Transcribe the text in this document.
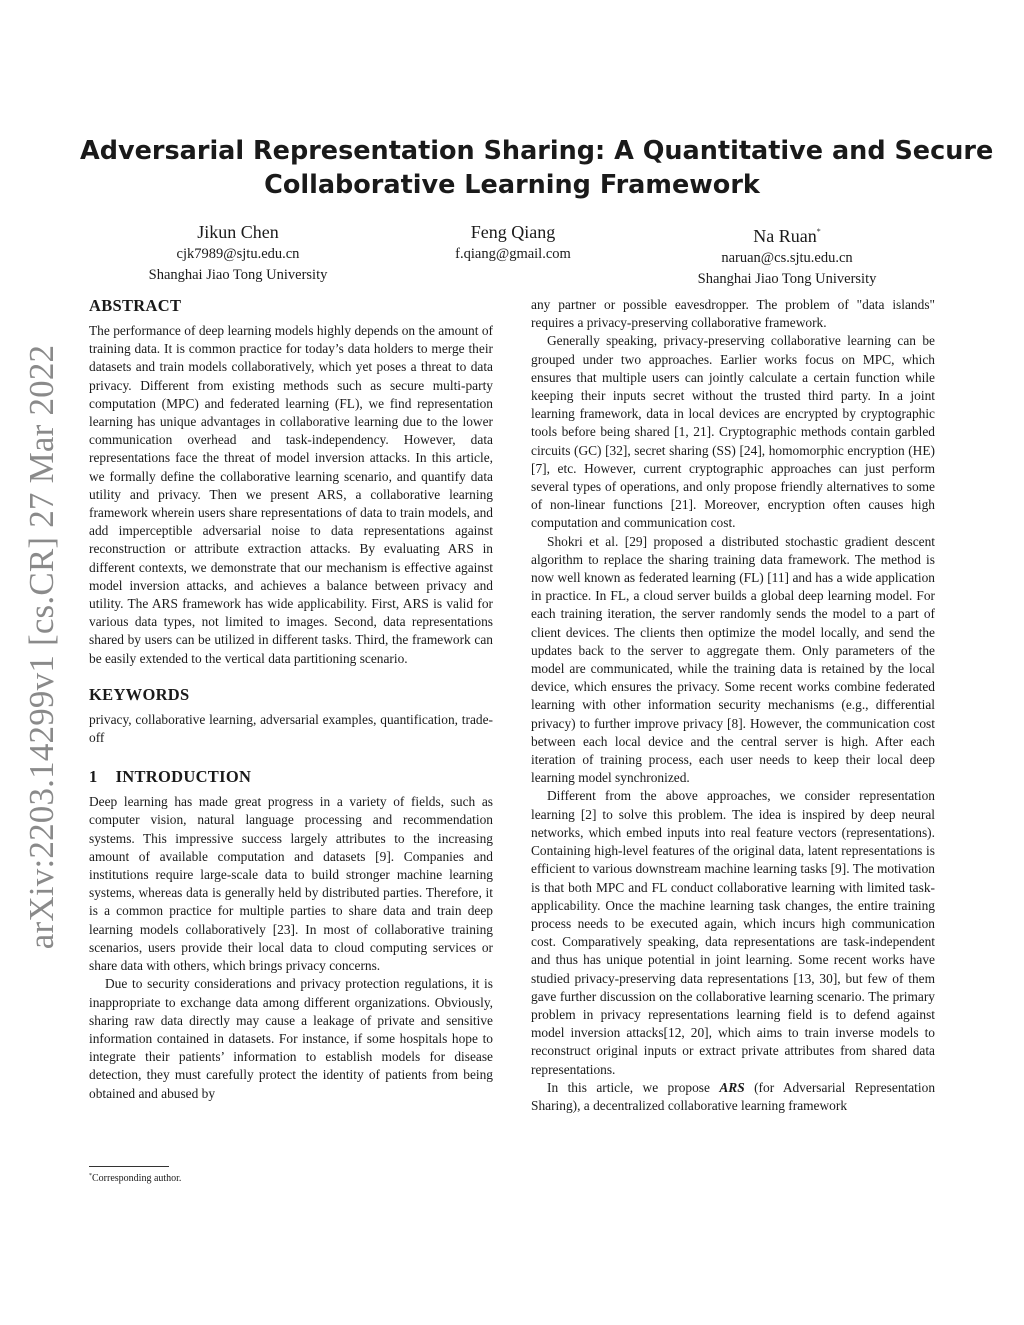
arXiv:2203.14299v1 [cs.CR] 27 Mar 2022
Adversarial Representation Sharing: A Quantitative and Secure
Collaborative Learning Framework
Jikun Chen
cjk7989@sjtu.edu.cn
Shanghai Jiao Tong University
Feng Qiang
f.qiang@gmail.com
Na Ruan*
naruan@cs.sjtu.edu.cn
Shanghai Jiao Tong University
ABSTRACT

The performance of deep learning models highly depends on the amount of training data. It is common practice for today’s data holders to merge their datasets and train models collaboratively, which yet poses a threat to data privacy. Different from existing methods such as secure multi-party computation (MPC) and federated learning (FL), we find representation learning has unique advantages in collaborative learning due to the lower communication overhead and task-independency. However, data representations face the threat of model inversion attacks. In this article, we formally define the collaborative learning scenario, and quantify data utility and privacy. Then we present ARS, a collaborative learning framework wherein users share representations of data to train models, and add imperceptible adversarial noise to data representations against reconstruction or attribute extraction attacks. By evaluating ARS in different contexts, we demonstrate that our mechanism is effective against model inversion attacks, and achieves a balance between privacy and utility. The ARS framework has wide applicability. First, ARS is valid for various data types, not limited to images. Second, data representations shared by users can be utilized in different tasks. Third, the framework can be easily extended to the vertical data partitioning scenario.

KEYWORDS

privacy, collaborative learning, adversarial examples, quantification, trade-off

1 INTRODUCTION

Deep learning has made great progress in a variety of fields, such as computer vision, natural language processing and recommendation systems. This impressive success largely attributes to the increasing amount of available computation and datasets [9]. Companies and institutions require large-scale data to build stronger machine learning systems, whereas data is generally held by distributed parties. Therefore, it is a common practice for multiple parties to share data and train deep learning models collaboratively [23]. In most of collaborative training scenarios, users provide their local data to cloud computing services or share data with others, which brings privacy concerns.

Due to security considerations and privacy protection regulations, it is inappropriate to exchange data among different organizations. Obviously, sharing raw data directly may cause a leakage of private and sensitive information contained in datasets. For instance, if some hospitals hope to integrate their patients’ information to establish models for disease detection, they must carefully protect the identity of patients from being obtained and abused by

any partner or possible eavesdropper. The problem of "data islands" requires a privacy-preserving collaborative framework.

Generally speaking, privacy-preserving collaborative learning can be grouped under two approaches. Earlier works focus on MPC, which ensures that multiple users can jointly calculate a certain function while keeping their inputs secret without the trusted third party. In a joint learning framework, data in local devices are encrypted by cryptographic tools before being shared [1, 21]. Cryptographic methods contain garbled circuits (GC) [32], secret sharing (SS) [24], homomorphic encryption (HE) [7], etc. However, current cryptographic approaches can just perform several types of operations, and only propose friendly alternatives to some of non-linear functions [21]. Moreover, encryption often causes high computation and communication cost.

Shokri et al. [29] proposed a distributed stochastic gradient descent algorithm to replace the sharing training data framework. The method is now well known as federated learning (FL) [11] and has a wide application in practice. In FL, a cloud server builds a global deep learning model. For each training iteration, the server randomly sends the model to a part of client devices. The clients then optimize the model locally, and send the updates back to the server to aggregate them. Only parameters of the model are communicated, while the training data is retained by the local device, which ensures the privacy. Some recent works combine federated learning with other information security mechanisms (e.g., differential privacy) to further improve privacy [8]. However, the communication cost between each local device and the central server is high. After each iteration of training process, each user needs to keep their local deep learning model synchronized.

Different from the above approaches, we consider representation learning [2] to solve this problem. The idea is inspired by deep neural networks, which embed inputs into real feature vectors (representations). Containing high-level features of the original data, latent representations is efficient to various downstream machine learning tasks [9]. The motivation is that both MPC and FL conduct collaborative learning with limited task-applicability. Once the machine learning task changes, the entire training process needs to be executed again, which incurs high communication cost. Comparatively speaking, data representations are task-independent and thus has unique potential in joint learning. Some recent works have studied privacy-preserving data representations [13, 30], but few of them gave further discussion on the collaborative learning scenario. The primary problem in privacy representations learning field is to defend against model inversion attacks[12, 20], which aims to train inverse models to reconstruct original inputs or extract private attributes from shared data representations.

In this article, we propose ARS (for Adversarial Representation Sharing), a decentralized collaborative learning framework

*Corresponding author.
